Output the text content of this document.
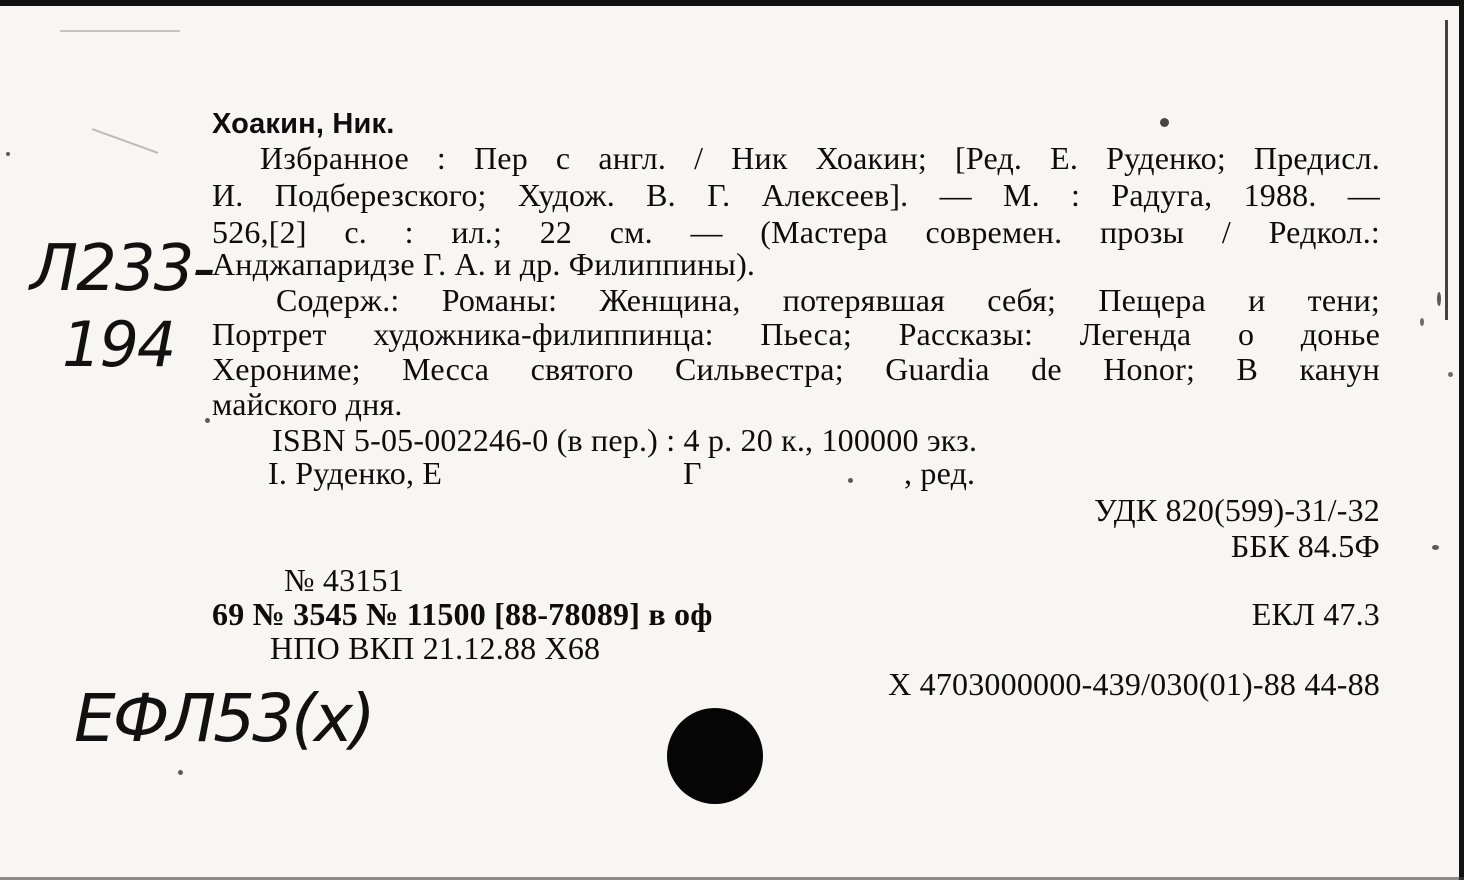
Хоакин, Ник.
Избранное : Пер с англ. / Ник Хоакин; [Ред. Е. Руденко; Предисл.
И. Подберезского; Худож. В. Г. Алексеев]. — М. : Радуга, 1988. —
526,[2] с. : ил.; 22 см. — (Мастера современ. прозы / Редкол.:
Анджапаридзе Г. А. и др. Филиппины).
Содерж.: Романы: Женщина, потерявшая себя; Пещера и тени;
Портрет художника-филиппинца: Пьеса; Рассказы: Легенда о донье
Херониме; Месса святого Сильвестра; Guardia de Honor; В канун
майского дня.
ISBN 5-05-002246-0 (в пер.) : 4 р. 20 к., 100000 экз.
I. Руденко, Е	Г	, ред.
УДК 820(599)-31/-32
ББК 84.5Ф
№ 43151
69 № 3545 № 11500 [88-78089] в оф	ЕКЛ 47.3
НПО ВКП 21.12.88 Х68
Х 4703000000-439/030(01)-88 44-88
Л233-
194
ЕФЛ53(х)
